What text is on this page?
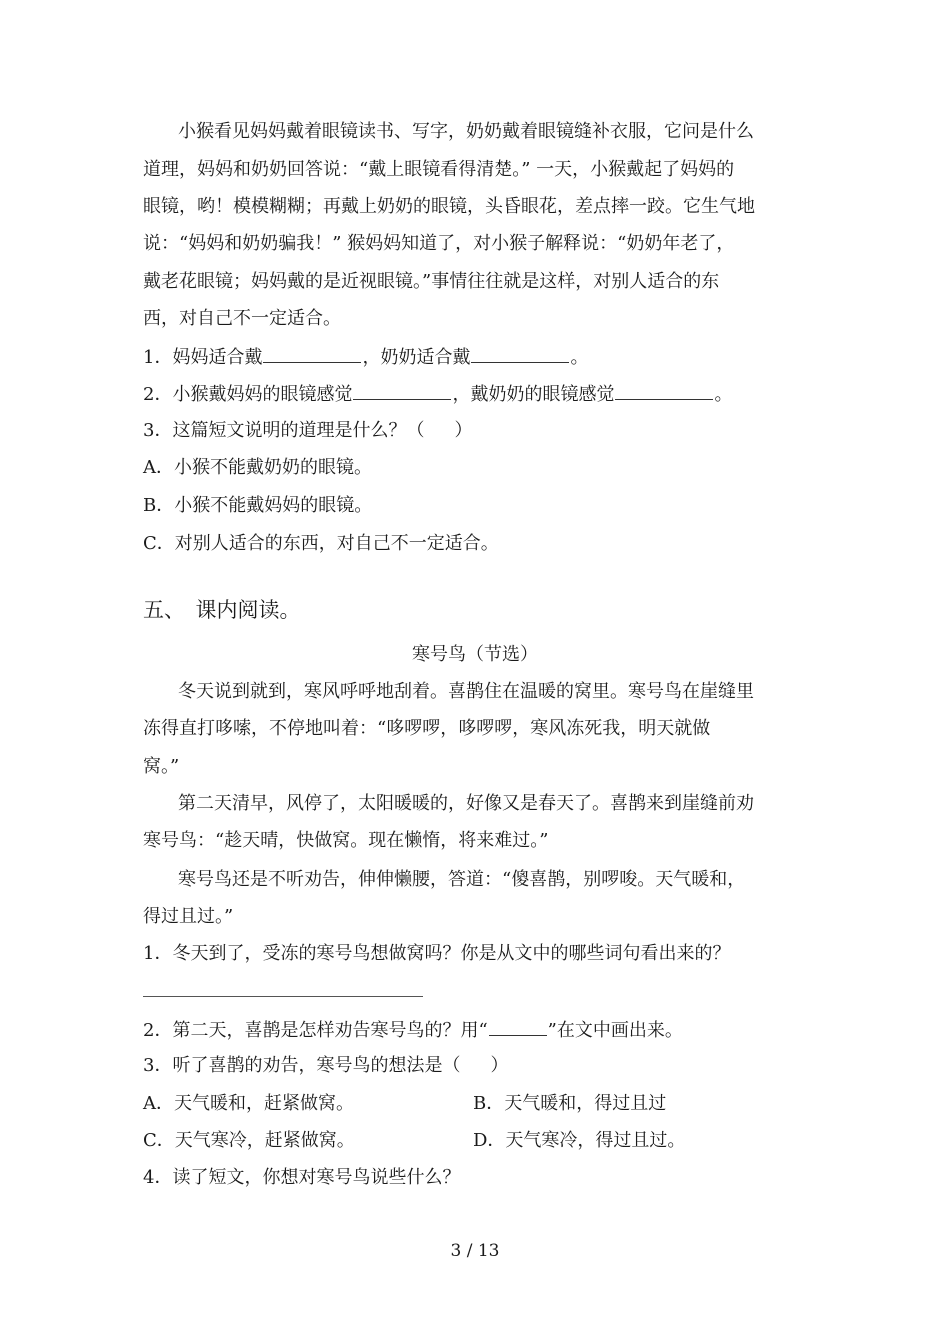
小猴看见妈妈戴着眼镜读书、写字，奶奶戴着眼镜缝补衣服，它问是什么
道理，妈妈和奶奶回答说：“戴上眼镜看得清楚。” 一天，小猴戴起了妈妈的
眼镜，哟！模模糊糊；再戴上奶奶的眼镜，头昏眼花，差点摔一跤。它生气地
说：“妈妈和奶奶骗我！” 猴妈妈知道了，对小猴子解释说：“奶奶年老了，
戴老花眼镜；妈妈戴的是近视眼镜。”事情往往就是这样，对别人适合的东
西，对自己不一定适合。
1．妈妈适合戴	，奶奶适合戴	。
2．小猴戴妈妈的眼镜感觉	，戴奶奶的眼镜感觉	。
3．这篇短文说明的道理是什么？（ ）
A．小猴不能戴奶奶的眼镜。
B．小猴不能戴妈妈的眼镜。
C．对别人适合的东西，对自己不一定适合。
五、　课内阅读。
寒号鸟（节选）
冬天说到就到，寒风呼呼地刮着。喜鹊住在温暖的窝里。寒号鸟在崖缝里
冻得直打哆嗦，不停地叫着：“哆啰啰，哆啰啰，寒风冻死我，明天就做
窝。”
第二天清早，风停了，太阳暖暖的，好像又是春天了。喜鹊来到崖缝前劝
寒号鸟：“趁天晴，快做窝。现在懒惰，将来难过。”
寒号鸟还是不听劝告，伸伸懒腰，答道：“傻喜鹊，别啰唆。天气暖和，
得过且过。”
1．冬天到了，受冻的寒号鸟想做窝吗？你是从文中的哪些词句看出来的？
2．第二天，喜鹊是怎样劝告寒号鸟的？用“	”在文中画出来。
3．听了喜鹊的劝告，寒号鸟的想法是（ ）
A．天气暖和，赶紧做窝。	B．天气暖和，得过且过
C．天气寒冷，赶紧做窝。	D．天气寒冷，得过且过。
4．读了短文，你想对寒号鸟说些什么？
3 / 13
